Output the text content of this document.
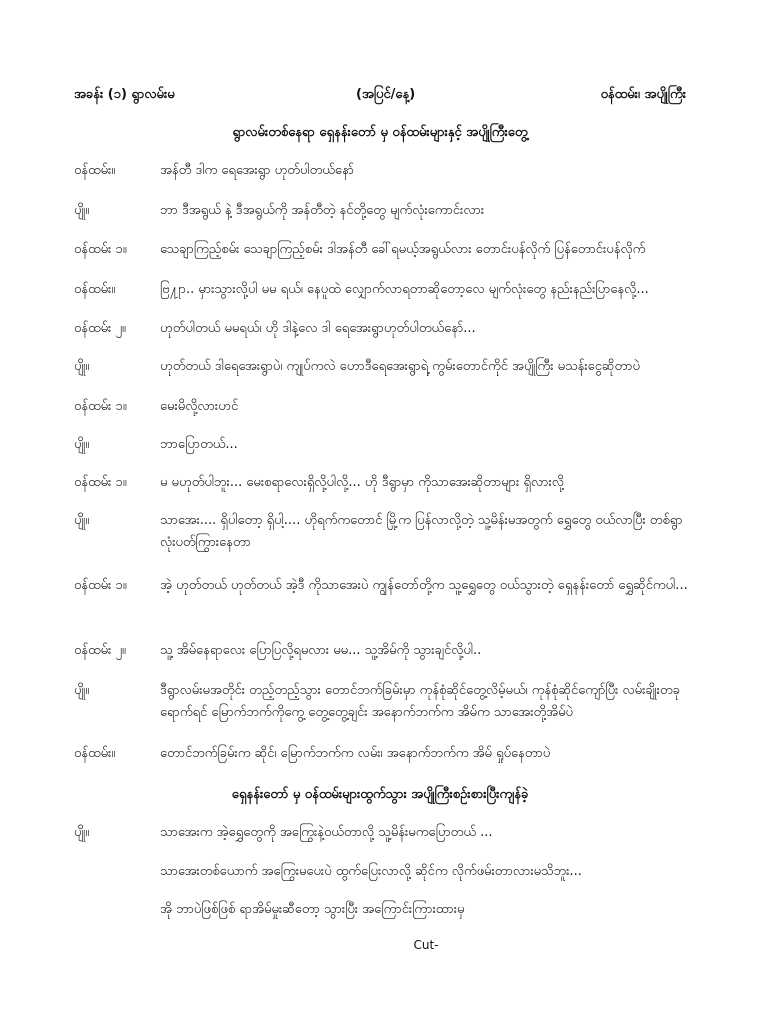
အခန်း (၁) ရွာလမ်းမ	(အပြင်/နေ့)	ဝန်ထမ်း၊ အပျိုကြီး
ရွာလမ်းတစ်နေရာ ရှေနန်းတော် မှ ဝန်ထမ်းများနှင့် အပျိုကြီးတွေ့
ဝန်ထမ်း။	အန်တီ ဒါက ရေအေးရွာ ဟုတ်ပါတယ်နော်
ပျို။	ဘာ ဒီအရွယ် နဲ့ ဒီအရွယ်ကို အန်တီတဲ့ နင်တို့တွေ မျက်လုံးကောင်းလား
ဝန်ထမ်း ၁။	သေချာကြည့်စမ်း သေချာကြည့်စမ်း ဒါအန်တီ ခေါ်ရမယ့်အရွယ်လား တောင်းပန်လိုက် ပြန်တောင်းပန်လိုက်
ဝန်ထမ်း။	ဗြ႔ုာ.. မှားသွားလို့ပါ မမ ရယ်၊ နေပူထဲ လျှောက်လာရတာဆိုတော့လေ မျက်လုံးတွေ နည်းနည်းပြာနေလို့...
ဝန်ထမ်း ၂။	ဟုတ်ပါတယ် မမရယ်၊ ဟို ဒါနဲ့လေ ဒါ ရေအေးရွာဟုတ်ပါတယ်နော်...
ပျို။	ဟုတ်တယ် ဒါရေအေးရွာပဲ၊ ကျုပ်ကလဲ ဟောဒီရေအေးရွာရဲ့ ကွမ်းတောင်ကိုင် အပျိုကြီး မသန်းငွေဆိုတာပဲ
ဝန်ထမ်း ၁။	မေးမိလို့လားဟင်
ပျို။	ဘာပြောတယ်...
ဝန်ထမ်း ၁။	မ မဟုတ်ပါဘူး... မေးစရာလေးရှိလို့ပါလို့... ဟို ဒီရွာမှာ ကိုသာအေးဆိုတာများ ရှိလားလို့
ပျို။	သာအေး.... ရှိပါတော့ ရှိပါ့.... ဟိုရက်ကတောင် မြို့က ပြန်လာလို့တဲ့ သူ့မိန်းမအတွက် ရွှေတွေ ဝယ်လာပြီး တစ်ရွာလုံးပတ်ကြွားနေတာ
ဝန်ထမ်း ၁။	အဲ့ ဟုတ်တယ် ဟုတ်တယ် အဲ့ဒီ ကိုသာအေးပဲ ကျွန်တော်တို့က သူ့ရွှေတွေ ဝယ်သွားတဲ့ ရှေနန်းတော် ရွှေဆိုင်ကပါ...
ဝန်ထမ်း ၂။	သူ့ အိမ်နေရာလေး ပြောပြလို့ရမလား မမ... သူ့အိမ်ကို သွားချင်လို့ပါ..
ပျို။	ဒီရွာလမ်းမအတိုင်း တည့်တည့်သွား တောင်ဘက်ခြမ်းမှာ ကုန်စုံဆိုင်တွေ့လိမ့်မယ်၊ ကုန်စုံဆိုင်ကျော်ပြီး လမ်းချိုးတခုရောက်ရင် မြောက်ဘက်ကိုကွေ့ တွေ့တွေ့ချင်း အနောက်ဘက်က အိမ်က သာအေးတို့အိမ်ပဲ
ဝန်ထမ်း။	တောင်ဘက်ခြမ်းက ဆိုင်၊ မြောက်ဘက်က လမ်း၊ အနောက်ဘက်က အိမ် ရှုပ်နေတာပဲ
ရှေနန်းတော် မှ ဝန်ထမ်းများထွက်သွား အပျိုကြီးစဉ်းစားပြီးကျန်ခဲ့
ပျို။	သာအေးက အဲ့ရွှေတွေကို အကြွေးနဲ့ဝယ်တာလို့ သူ့မိန်းမကပြောတယ် ...
သာအေးတစ်ယောက် အကြွေးမပေးပဲ ထွက်ပြေးလာလို့ ဆိုင်က လိုက်ဖမ်းတာလားမသိဘူး...
အို ဘာပဲဖြစ်ဖြစ် ရာအိမ်မှုးဆီတော့ သွားပြီး အကြောင်းကြားထားမှ
Cut-
